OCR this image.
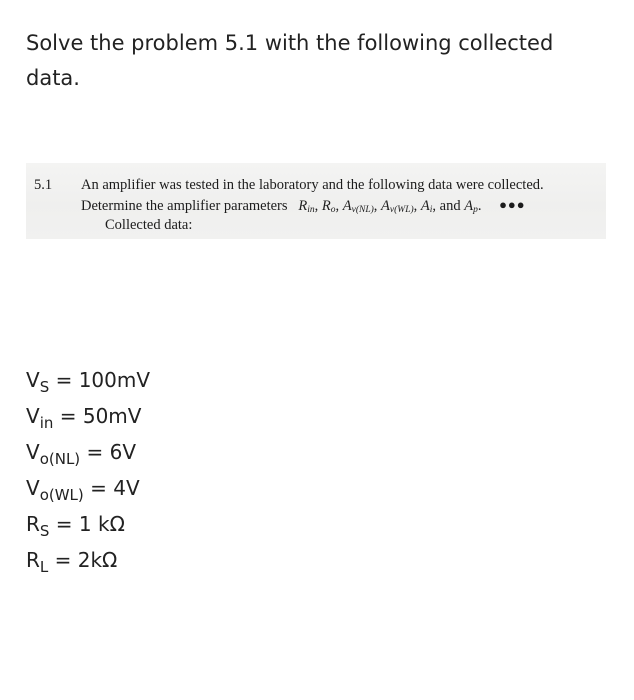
Solve the problem 5.1 with the following collected data.
5.1 An amplifier was tested in the laboratory and the following data were collected.
Determine the amplifier parameters $R_{in}$, $R_o$, $A_{v(NL)}$, $A_{v(WL)}$, $A_i$, and $A_p$. ●●●
Collected data:
$V_S = 100mV$
$V_{in} = 50mV$
$V_{o(NL)} = 6V$
$V_{o(WL)} = 4V$
$R_S = 1$ kΩ
$R_L = 2k\Omega$
